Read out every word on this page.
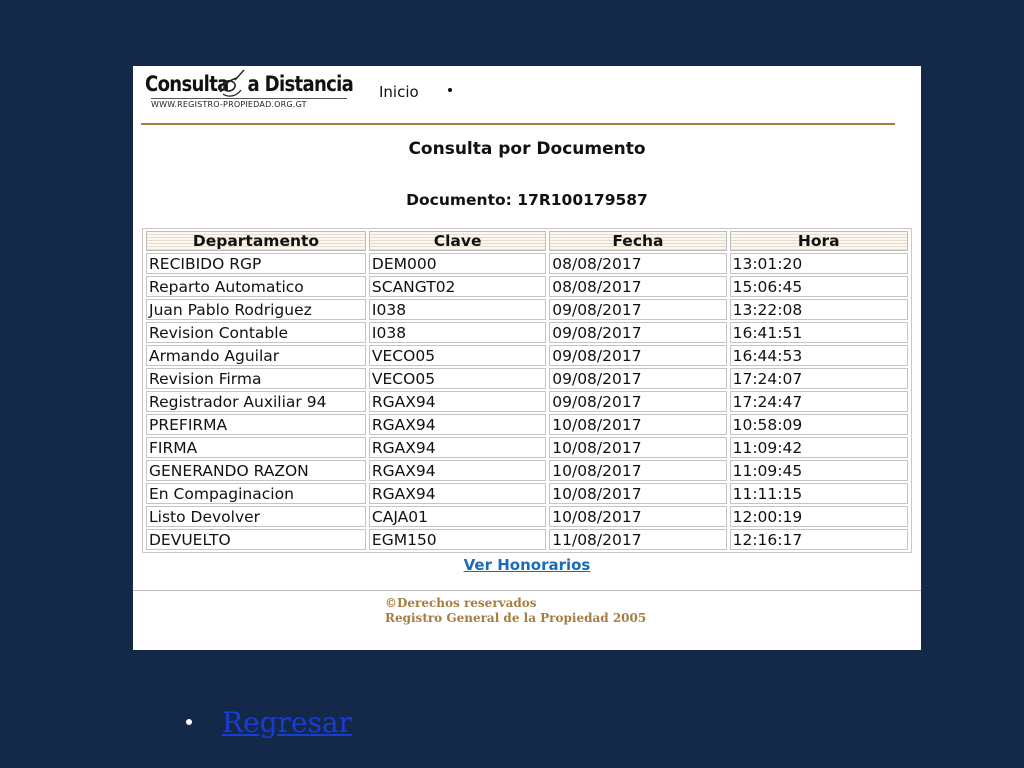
Consulta a Distancia
WWW.REGISTRO-PROPIEDAD.ORG.GT
Inicio
Consulta por Documento
Documento: 17R100179587
Departamento	Clave	Fecha	Hora
RECIBIDO RGP	DEM000	08/08/2017	13:01:20
Reparto Automatico	SCANGT02	08/08/2017	15:06:45
Juan Pablo Rodriguez	I038	09/08/2017	13:22:08
Revision Contable	I038	09/08/2017	16:41:51
Armando Aguilar	VECO05	09/08/2017	16:44:53
Revision Firma	VECO05	09/08/2017	17:24:07
Registrador Auxiliar 94	RGAX94	09/08/2017	17:24:47
PREFIRMA	RGAX94	10/08/2017	10:58:09
FIRMA	RGAX94	10/08/2017	11:09:42
GENERANDO RAZON	RGAX94	10/08/2017	11:09:45
En Compaginacion	RGAX94	10/08/2017	11:11:15
Listo Devolver	CAJA01	10/08/2017	12:00:19
DEVUELTO	EGM150	11/08/2017	12:16:17
Ver Honorarios
©Derechos reservados
Registro General de la Propiedad 2005
Regresar
